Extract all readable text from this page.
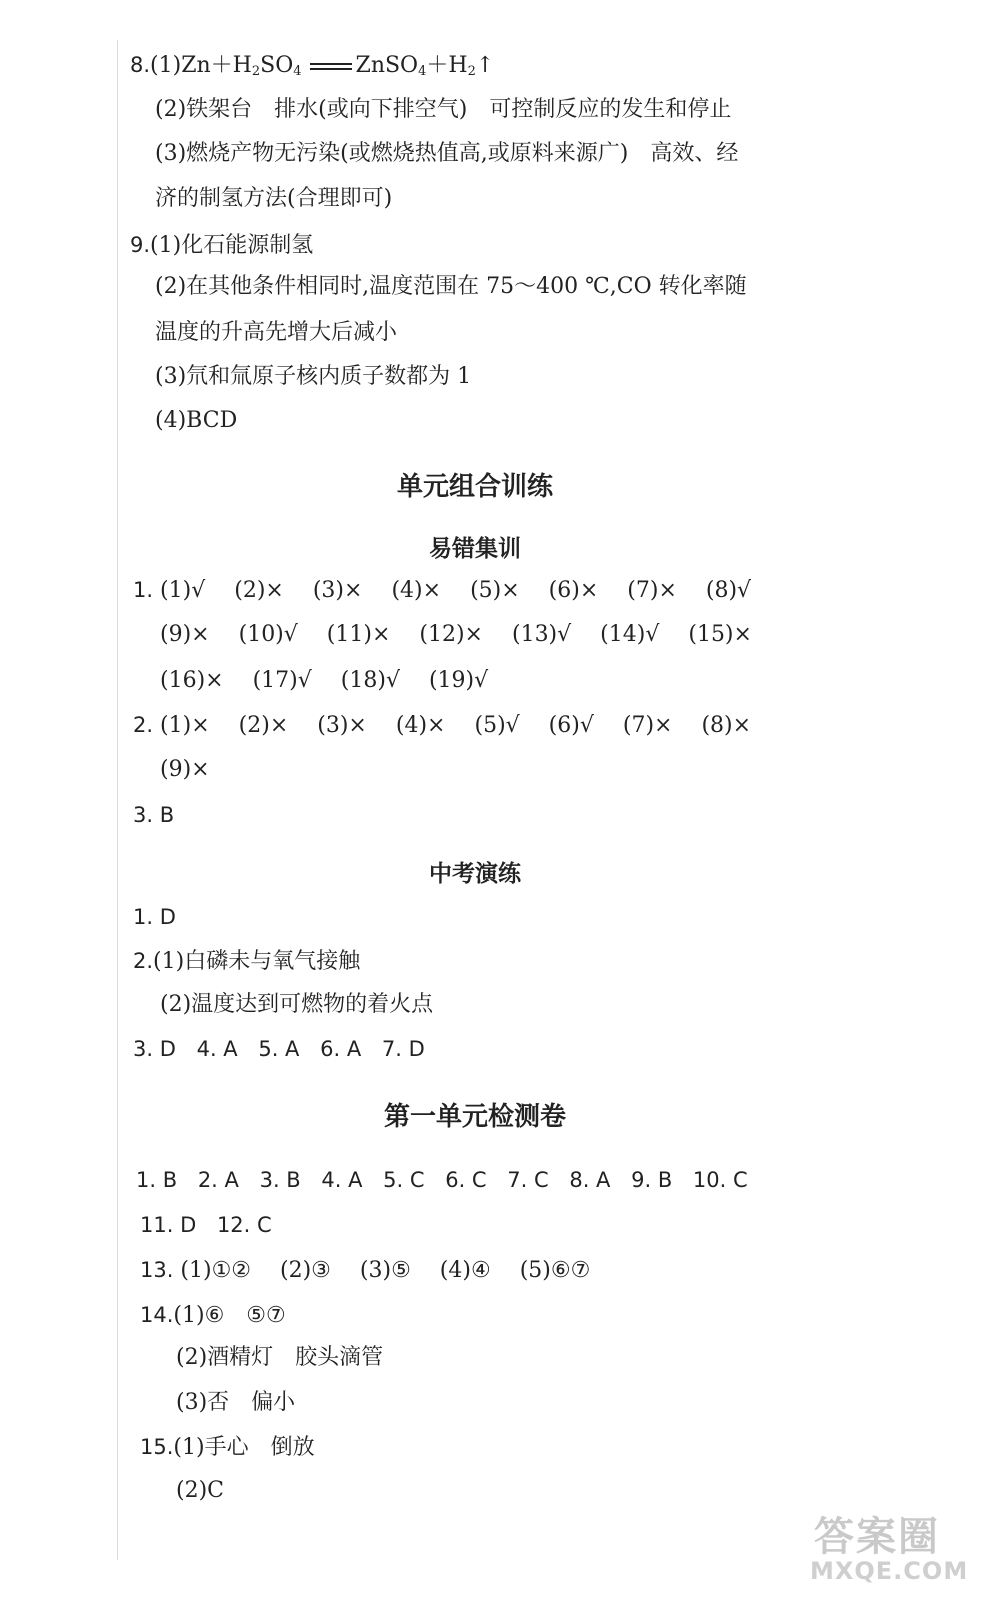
$8.(1)Zn+H_2SO_4$ $ZnSO_4+H_2↑$
(2)铁架台　排水(或向下排空气)　可控制反应的发生和停止
(3)燃烧产物无污染(或燃烧热值高,或原料来源广)　高效、经
济的制氢方法(合理即可)
9.(1)化石能源制氢
(2)在其他条件相同时,温度范围在 75～400 ℃,CO 转化率随
温度的升高先增大后减小
(3)氘和氚原子核内质子数都为 1
(4)BCD
单元组合训练
易错集训
1. (1)√ (2)× (3)× (4)× (5)× (6)× (7)× (8)√
(9)× (10)√ (11)× (12)× (13)√ (14)√ (15)×
(16)× (17)√ (18)√ (19)√
2. (1)× (2)× (3)× (4)× (5)√ (6)√ (7)× (8)×
(9)×
3. B
中考演练
1. D
2.(1)白磷未与氧气接触
(2)温度达到可燃物的着火点
3. D 4. A 5. A 6. A 7. D
第一单元检测卷
1. B 2. A 3. B 4. A 5. C 6. C 7. C 8. A 9. B 10. C
11. D 12. C
13. (1)①② (2)③ (3)⑤ (4)④ (5)⑥⑦
14.(1)⑥　⑤⑦
(2)酒精灯　胶头滴管
(3)否　偏小
15.(1)手心　倒放
(2)C
答案圈
MXQE.COM
